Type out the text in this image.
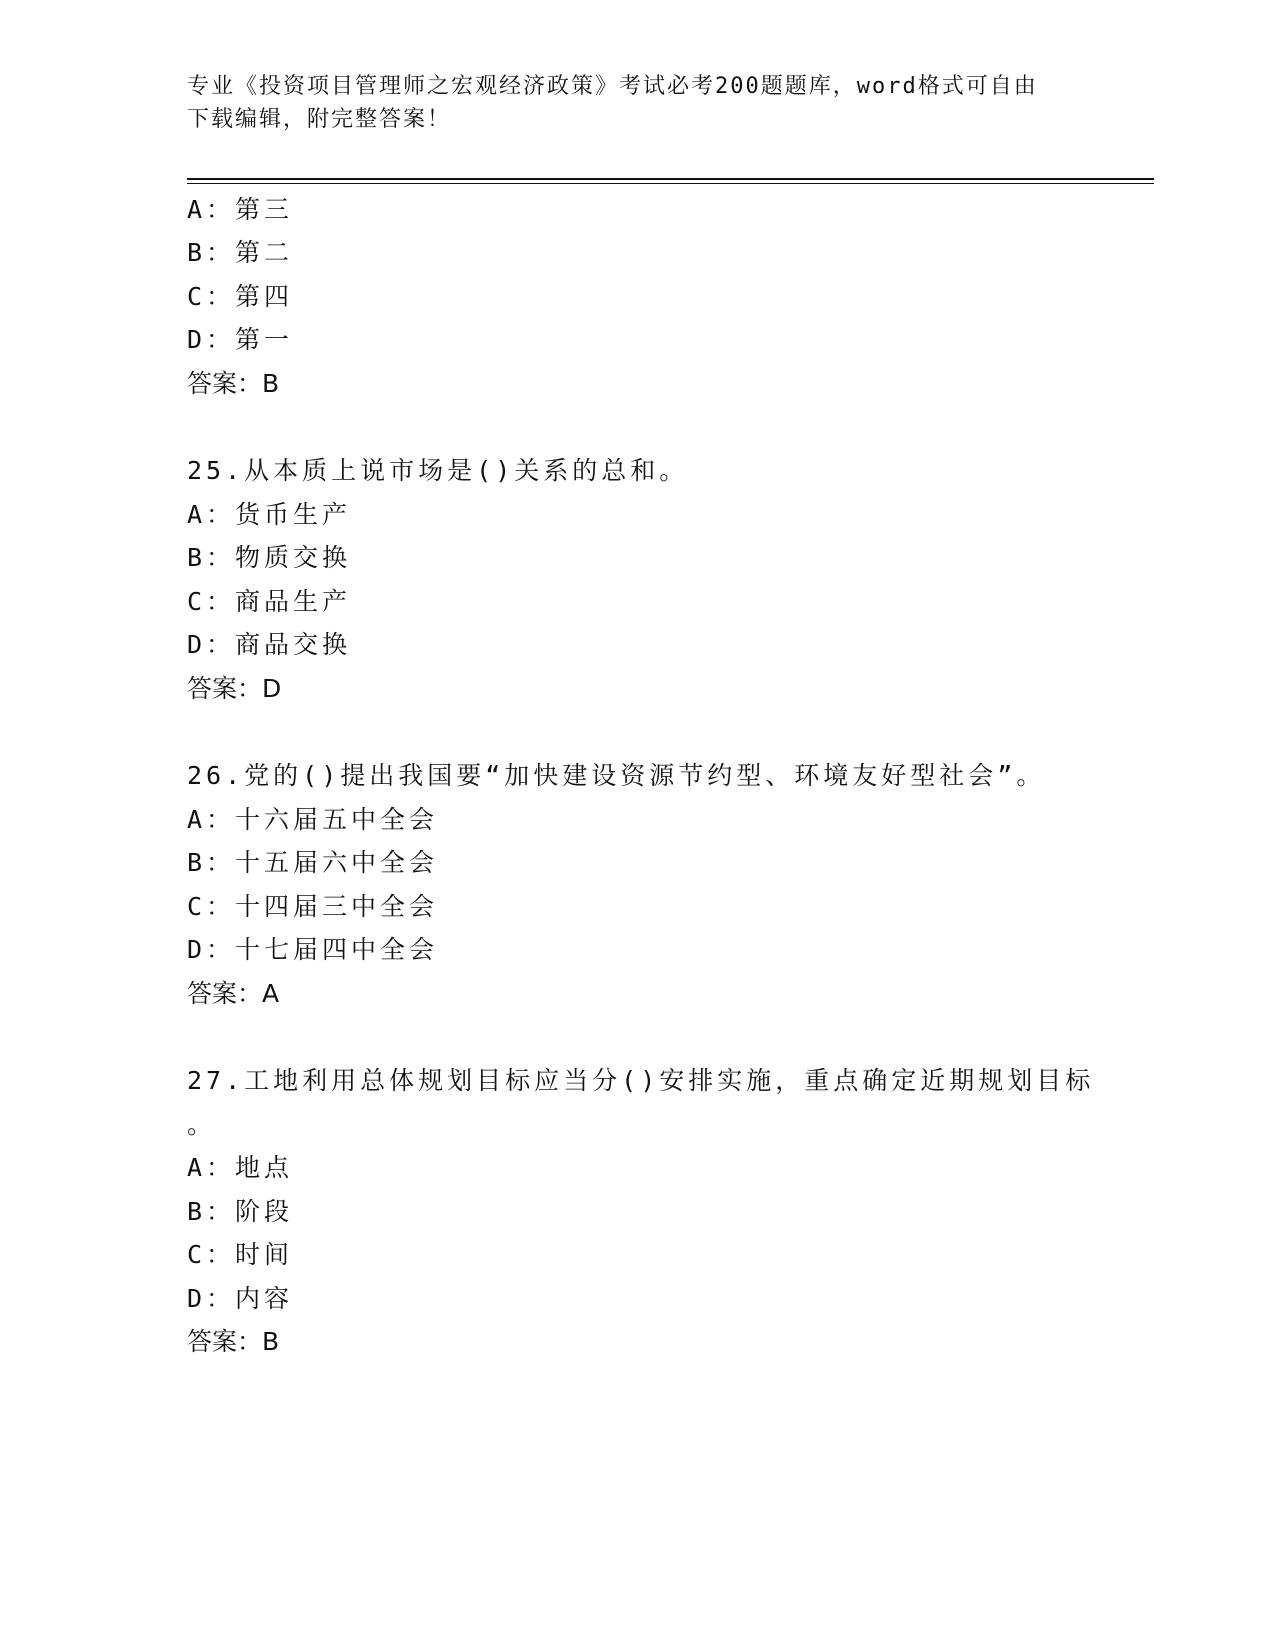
专业《投资项目管理师之宏观经济政策》考试必考200题题库，word格式可自由
下载编辑，附完整答案！
A：第三
B：第二
C：第四
D：第一
答案：B
25.从本质上说市场是()关系的总和。
A：货币生产
B：物质交换
C：商品生产
D：商品交换
答案：D
26.党的()提出我国要“加快建设资源节约型、环境友好型社会”。
A：十六届五中全会
B：十五届六中全会
C：十四届三中全会
D：十七届四中全会
答案：A
27.工地利用总体规划目标应当分()安排实施，重点确定近期规划目标
。
A：地点
B：阶段
C：时间
D：内容
答案：B
